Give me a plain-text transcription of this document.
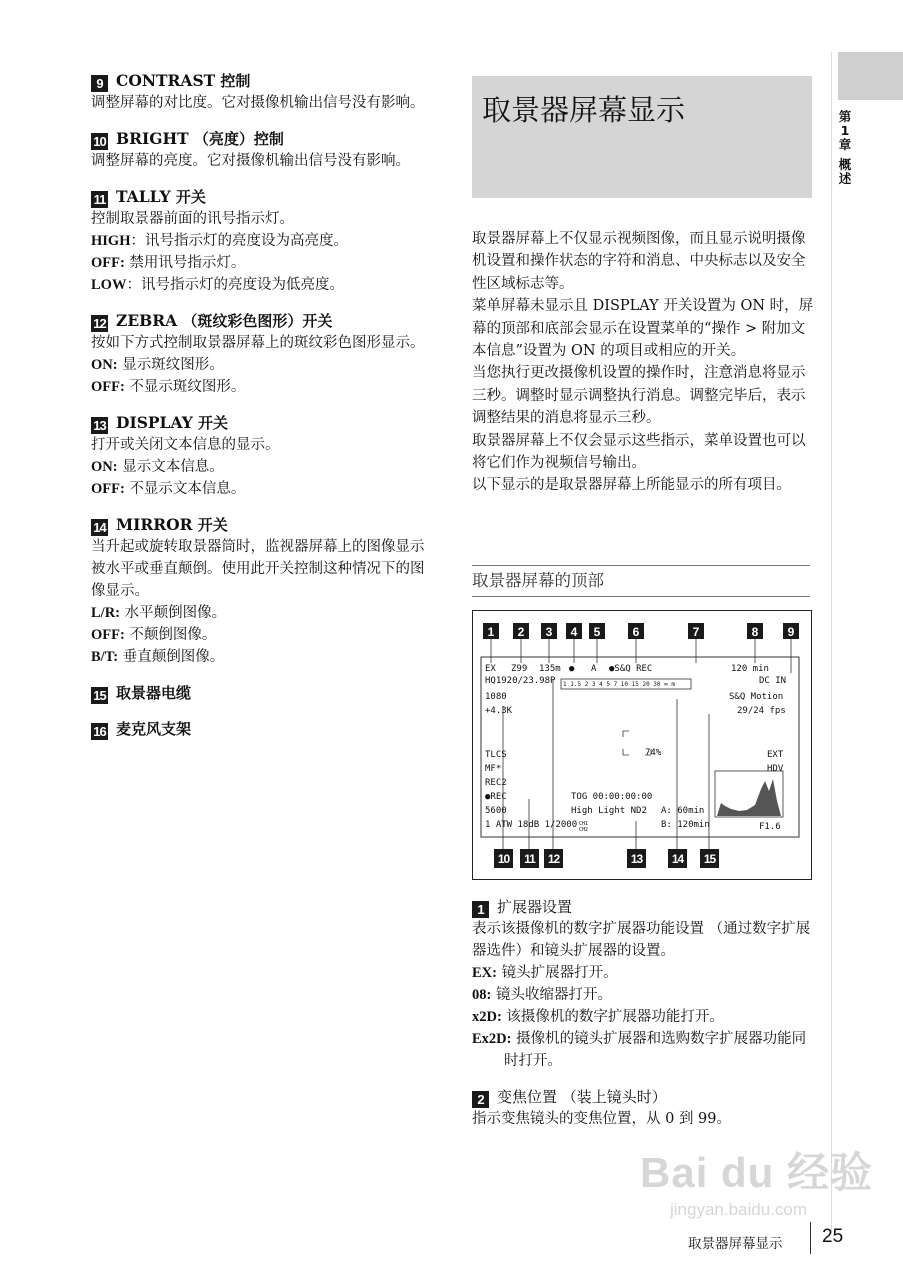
9 CONTRAST 控制
调整屏幕的对比度。它对摄像机输出信号没有影响。
10 BRIGHT （亮度）控制
调整屏幕的亮度。它对摄像机输出信号没有影响。
11 TALLY 开关
控制取景器前面的讯号指示灯。
HIGH：讯号指示灯的亮度设为高亮度。
OFF: 禁用讯号指示灯。
LOW：讯号指示灯的亮度设为低亮度。
12 ZEBRA （斑纹彩色图形）开关
按如下方式控制取景器屏幕上的斑纹彩色图形显示。
ON: 显示斑纹图形。
OFF: 不显示斑纹图形。
13 DISPLAY 开关
打开或关闭文本信息的显示。
ON: 显示文本信息。
OFF: 不显示文本信息。
14 MIRROR 开关
当升起或旋转取景器筒时，监视器屏幕上的图像显示被水平或垂直颠倒。使用此开关控制这种情况下的图像显示。
L/R: 水平颠倒图像。
OFF: 不颠倒图像。
B/T: 垂直颠倒图像。
15 取景器电缆
16 麦克风支架
取景器屏幕显示
取景器屏幕上不仅显示视频图像，而且显示说明摄像机设置和操作状态的字符和消息、中央标志以及安全性区域标志等。
菜单屏幕未显示且 DISPLAY 开关设置为 ON 时，屏幕的顶部和底部会显示在设置菜单的“操作 > 附加文本信息”设置为 ON 的项目或相应的开关。
当您执行更改摄像机设置的操作时，注意消息将显示三秒。调整时显示调整执行消息。调整完毕后，表示调整结果的消息将显示三秒。
取景器屏幕上不仅会显示这些指示，菜单设置也可以将它们作为视频信号输出。
以下显示的是取景器屏幕上所能显示的所有项目。
取景器屏幕的顶部
1 2 3 4 5	6	7	8 9
10 11 12	13 14 15
EX Z99 135m ● A ●S&Q REC	120 min
DC IN
1 1.5 2 3 4 5 7 10 15 20 30 ∞ m
HQ1920/23.98P
S&Q Motion
29/24 fps
1080
+4.3K
TLCS
MF*
REC2
●REC
5600
1 ATW 18dB 1/2000
TOG 00:00:00:00
High Light ND2
CH1
CH2
A: 60min
B: 120min
74%	EXT
HDV
F1.6
1 扩展器设置
表示该摄像机的数字扩展器功能设置 （通过数字扩展器选件）和镜头扩展器的设置。
EX: 镜头扩展器打开。
08: 镜头收缩器打开。
x2D: 该摄像机的数字扩展器功能打开。
Ex2D: 摄像机的镜头扩展器和选购数字扩展器功能同时打开。
2 变焦位置 （装上镜头时）
指示变焦镜头的变焦位置，从 0 到 99。
第
1
章
概
述
Bai du 经验
jingyan.baidu.com
取景器屏幕显示 25
